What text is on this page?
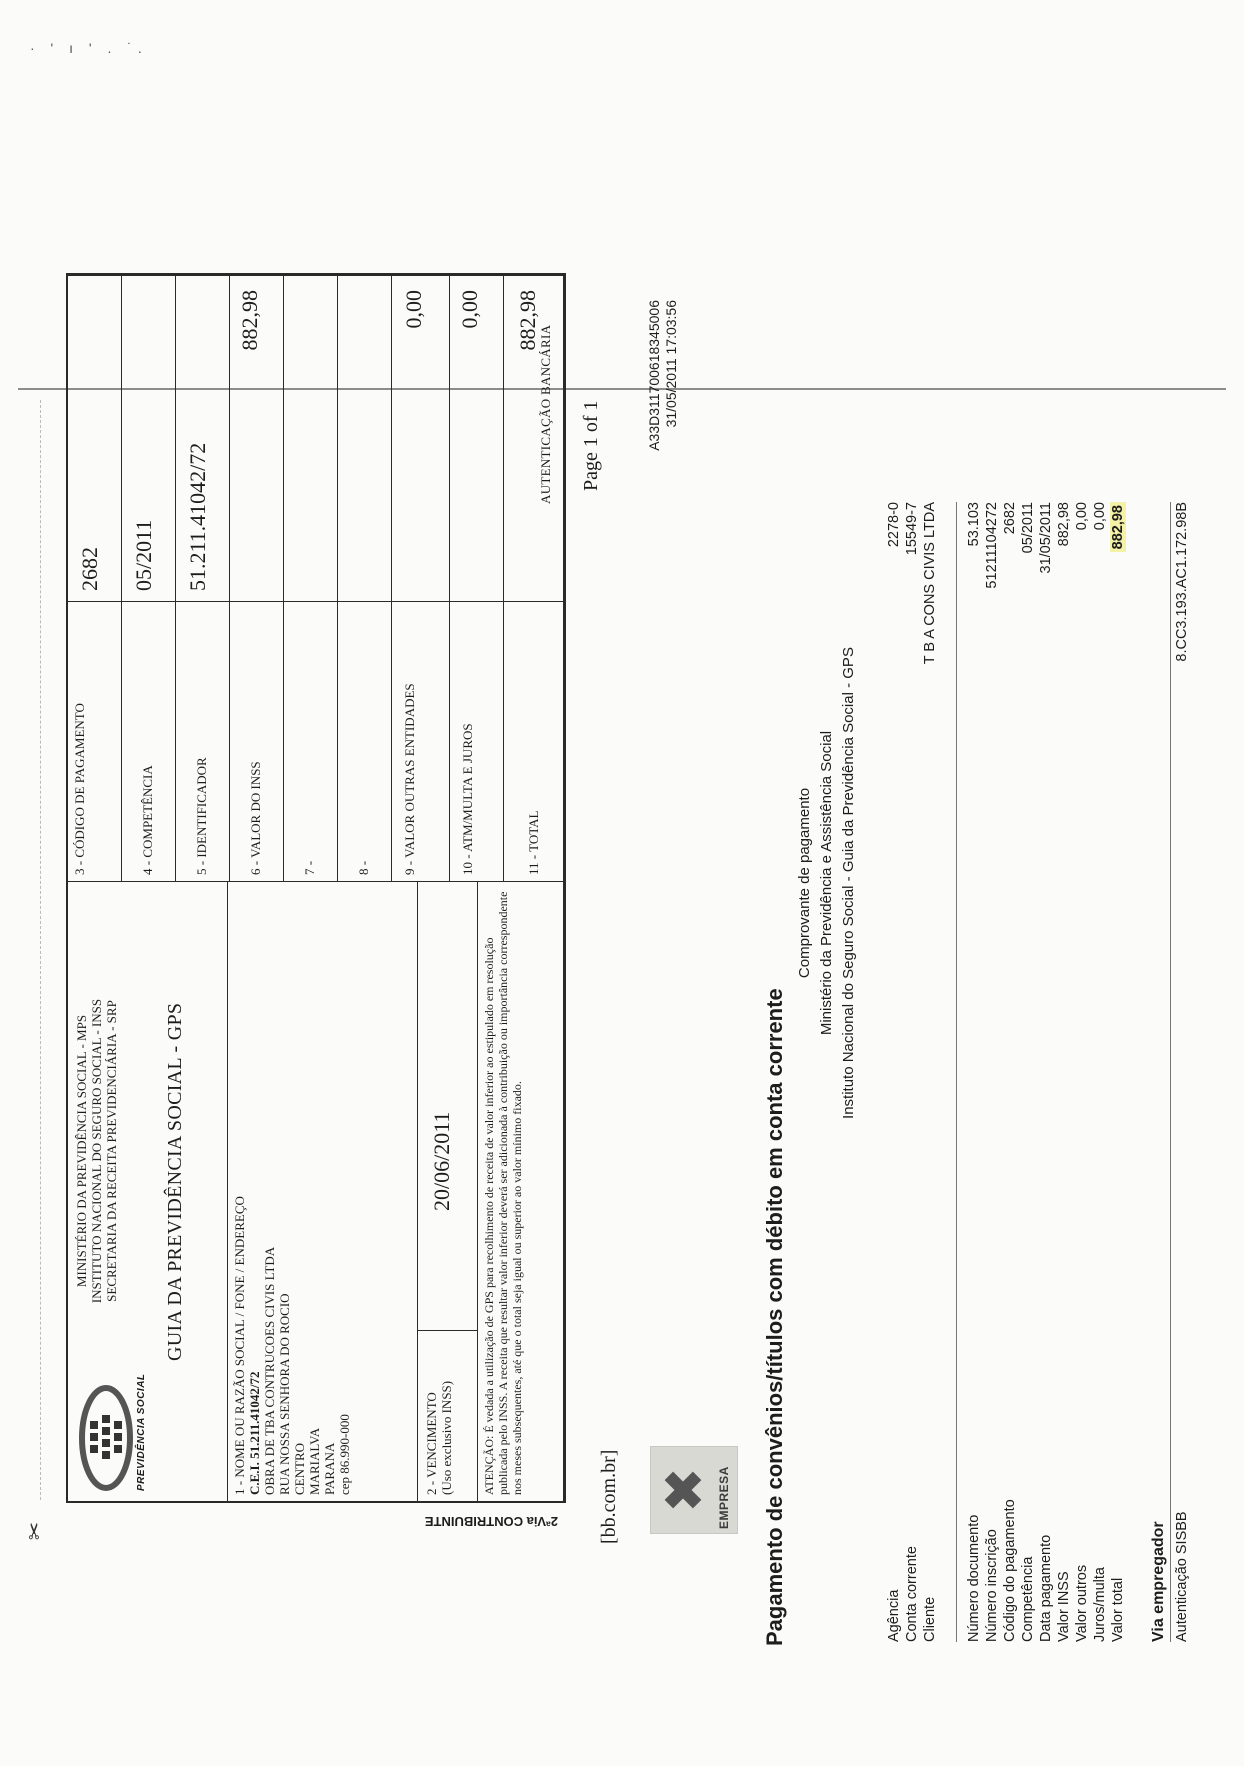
· ' ı ' . ˙.
✂
PREVIDÊNCIA SOCIAL
MINISTÉRIO DA PREVIDÊNCIA SOCIAL - MPS INSTITUTO NACIONAL DO SEGURO SOCIAL - INSS SECRETARIA DA RECEITA PREVIDENCIÁRIA - SRP GUIA DA PREVIDÊNCIA SOCIAL - GPS	1 - NOME OU RAZÃO SOCIAL / FONE / ENDEREÇO C.E.I. 51.211.41042/72 OBRA DE TBA CONTRUCOES CIVIS LTDA RUA NOSSA SENHORA DO ROCIO CENTRO MARIALVA PARANA cep 86.990-000	2 - VENCIMENTO (Uso exclusivo INSS)
20/06/2011	ATENÇÃO: É vedada a utilização de GPS para recolhimento de receita de valor inferior ao estipulado em resolução publicada pelo INSS. A receita que resultar valor inferior deverá ser adicionada à contribuição ou importância correspondente nos meses subsequentes, até que o total seja igual ou superior ao valor mínimo fixado.
3 - CÓDIGO DE PAGAMENTO
2682
4 - COMPETÊNCIA
05/2011
5 - IDENTIFICADOR
51.211.41042/72
6 - VALOR DO INSS
882,98
7 -	8 -	9 - VALOR OUTRAS ENTIDADES
0,00
10 - ATM/MULTA E JUROS
0,00
11 - TOTAL
882,98
2ªVia CONTRIBUINTE
AUTENTICAÇÃO BANCÁRIA Page 1 of 1
[bb.com.br]	EMPRESA Pagamento de convênios/títulos com débito em conta corrente
Comprovante de pagamento Ministério da Previdência e Assistência Social Instituto Nacional do Seguro Social - Guia da Previdência Social - GPS
A33D311700618345006 31/05/2011 17:03:56
Agência
2278-0
Conta corrente
15549-7
Cliente
T B A CONS CIVIS LTDA
Número documento
53.103
Número inscrição
51211104272
Código do pagamento
2682
Competência
05/2011
Data pagamento
31/05/2011
Valor INSS
882,98
Valor outros
0,00
Juros/multa
0,00
Valor total
882,98
Via empregador Autenticação SISBB
8.CC3.193.AC1.172.98B
